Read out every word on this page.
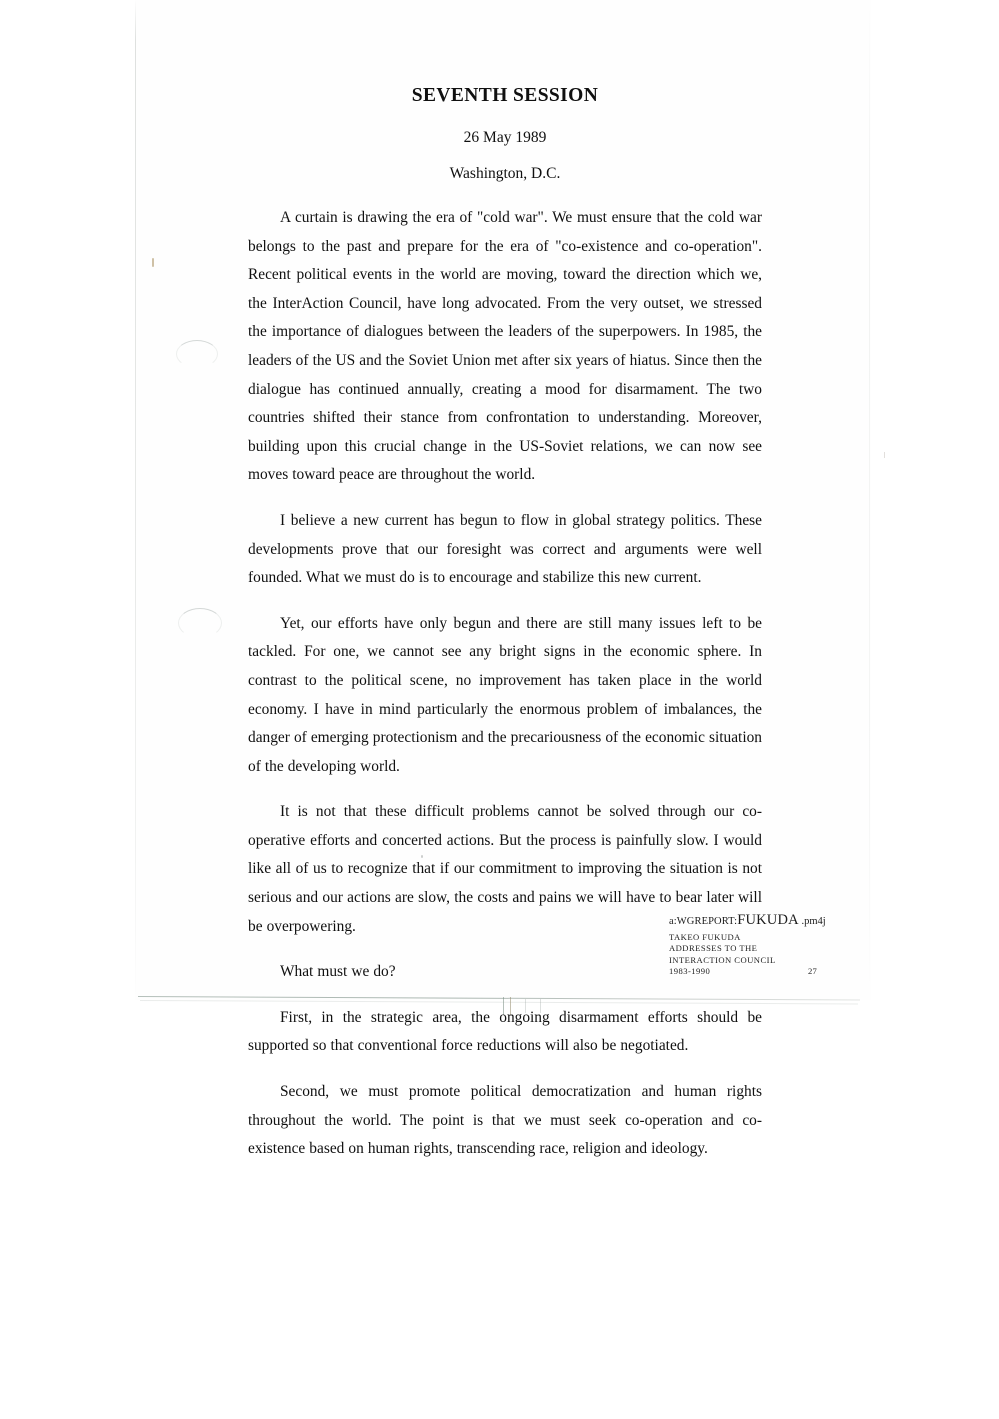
SEVENTH SESSION
26 May 1989
Washington, D.C.

A curtain is drawing the era of "cold war". We must ensure that the cold war belongs to the past and prepare for the era of "co-existence and co-operation". Recent political events in the world are moving, toward the direction which we, the InterAction Council, have long advocated. From the very outset, we stressed the importance of dialogues between the leaders of the superpowers. In 1985, the leaders of the US and the Soviet Union met after six years of hiatus. Since then the dialogue has continued annually, creating a mood for disarmament. The two countries shifted their stance from confrontation to understanding. Moreover, building upon this crucial change in the US-Soviet relations, we can now see moves toward peace are throughout the world.

I believe a new current has begun to flow in global strategy politics. These developments prove that our foresight was correct and arguments were well founded. What we must do is to encourage and stabilize this new current.

Yet, our efforts have only begun and there are still many issues left to be tackled. For one, we cannot see any bright signs in the economic sphere. In contrast to the political scene, no improvement has taken place in the world economy. I have in mind particularly the enormous problem of imbalances, the danger of emerging protectionism and the precariousness of the economic situation of the developing world.

It is not that these difficult problems cannot be solved through our co-operative efforts and concerted actions. But the process is painfully slow. I would like all of us to recognize that if our commitment to improving the situation is not serious and our actions are slow, the costs and pains we will have to bear later will be overpowering.

What must we do?

First, in the strategic area, the ongoing disarmament efforts should be supported so that conventional force reductions will also be negotiated.

Second, we must promote political democratization and human rights throughout the world. The point is that we must seek co-operation and co-existence based on human rights, transcending race, religion and ideology.

a:WGREPORT:FUKUDA .pm4j
TAKEO FUKUDA
ADDRESSES TO THE
INTERACTION COUNCIL
1983-1990	27
